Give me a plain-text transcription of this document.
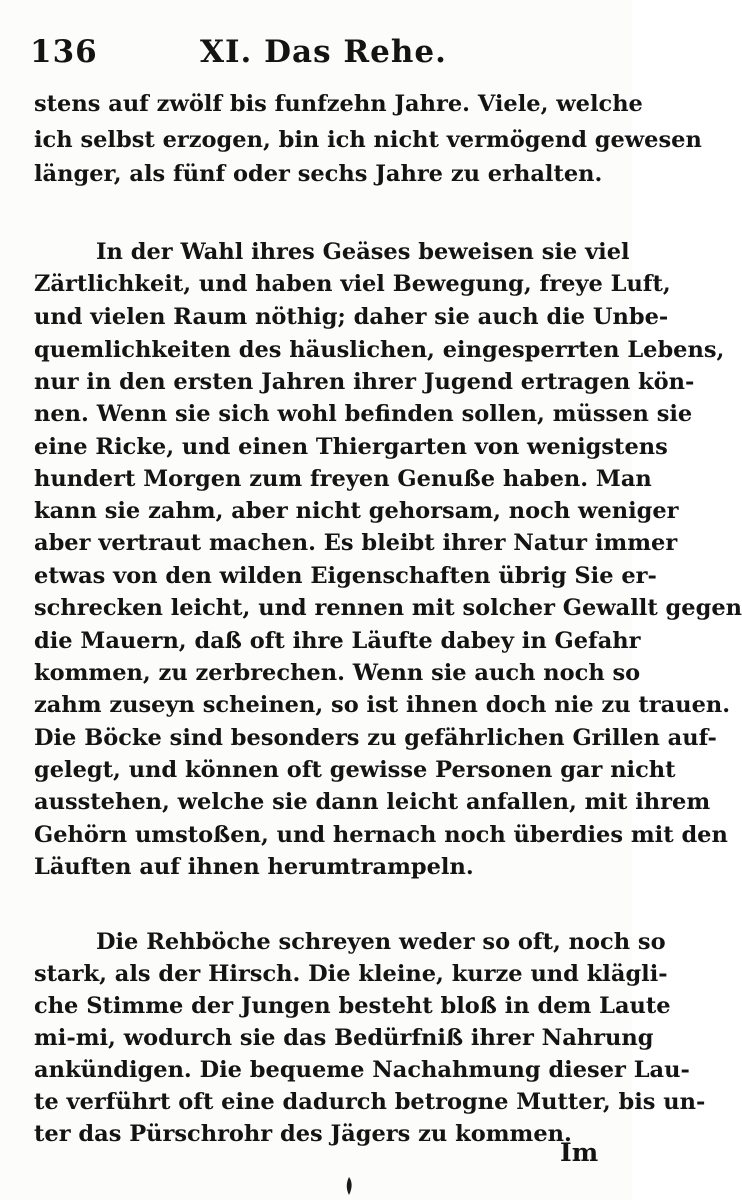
136	XI. Das Rehe.
stens auf zwölf bis funfzehn Jahre. Viele, welche
ich selbst erzogen, bin ich nicht vermögend gewesen
länger, als fünf oder sechs Jahre zu erhalten.
In der Wahl ihres Geäses beweisen sie viel
Zärtlichkeit, und haben viel Bewegung, freye Luft,
und vielen Raum nöthig; daher sie auch die Unbe-
quemlichkeiten des häuslichen, eingesperrten Lebens,
nur in den ersten Jahren ihrer Jugend ertragen kön-
nen. Wenn sie sich wohl befinden sollen, müssen sie
eine Ricke, und einen Thiergarten von wenigstens
hundert Morgen zum freyen Genuße haben. Man
kann sie zahm, aber nicht gehorsam, noch weniger
aber vertraut machen. Es bleibt ihrer Natur immer
etwas von den wilden Eigenschaften übrig Sie er-
schrecken leicht, und rennen mit solcher Gewallt gegen
die Mauern, daß oft ihre Läufte dabey in Gefahr
kommen, zu zerbrechen. Wenn sie auch noch so
zahm zuseyn scheinen, so ist ihnen doch nie zu trauen.
Die Böcke sind besonders zu gefährlichen Grillen auf-
gelegt, und können oft gewisse Personen gar nicht
ausstehen, welche sie dann leicht anfallen, mit ihrem
Gehörn umstoßen, und hernach noch überdies mit den
Läuften auf ihnen herumtrampeln.
Die Rehböche schreyen weder so oft, noch so
stark, als der Hirsch. Die kleine, kurze und klägli-
che Stimme der Jungen besteht bloß in dem Laute
mi-mi, wodurch sie das Bedürfniß ihrer Nahrung
ankündigen. Die bequeme Nachahmung dieser Lau-
te verführt oft eine dadurch betrogne Mutter, bis un-
ter das Pürschrohr des Jägers zu kommen.
Im
